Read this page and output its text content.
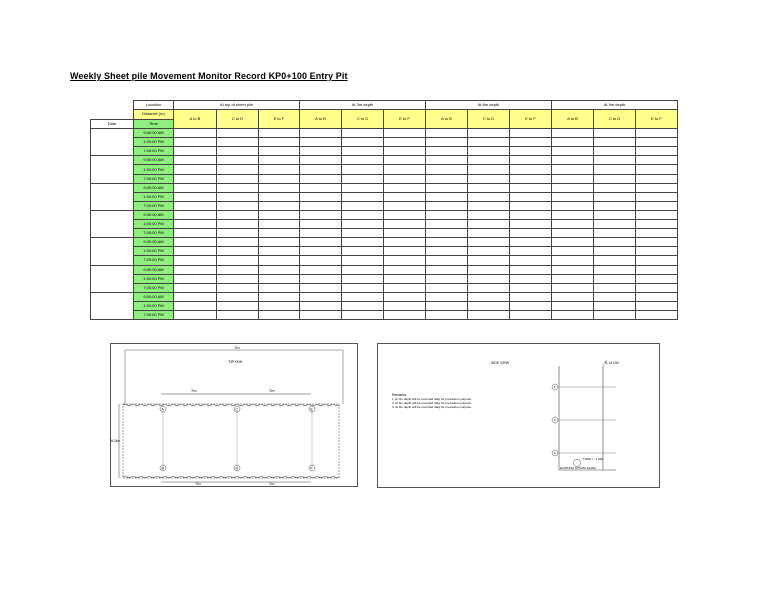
Weekly Sheet pile Movement Monitor Record KP0+100 Entry Pit
	Location	At top of sheet pile			At 3m depth			At 6m depth			At 9m depth		
	Distance (m)	A to B	C to D	E to F	A to B	C to D	E to F	A to B	C to D	E to F	A to B	C to D	E to F
Date	Time												
	9:00:00 AM												
	1:00:00 PM												
	7:00:00 PM												
	9:00:00 AM												
	1:00:00 PM												
	7:00:00 PM												
	9:00:00 AM												
	1:00:00 PM												
	7:00:00 PM												
	9:00:00 AM												
	1:00:00 PM												
	7:00:00 PM												
	9:00:00 AM												
	1:00:00 PM												
	7:00:00 PM												
	9:00:00 AM												
	1:00:00 PM												
	7:00:00 PM												
	9:00:00 AM												
	1:00:00 PM												
	7:00:00 PM												
7m
TIP 009
7m	7m
7m	7m
6.5m
A	C	E
B	D	F
SIDE VIEW	TL of 100
Remarks:
1. At 3m depth will be recorded daily for precaution purpose.
2. At 6m depth will be recorded daily for precaution purpose.
3. At 9m depth will be recorded daily for precaution purpose.
1
2
3
TOPE = -1.000
EXISTING STRATA LEVEL
